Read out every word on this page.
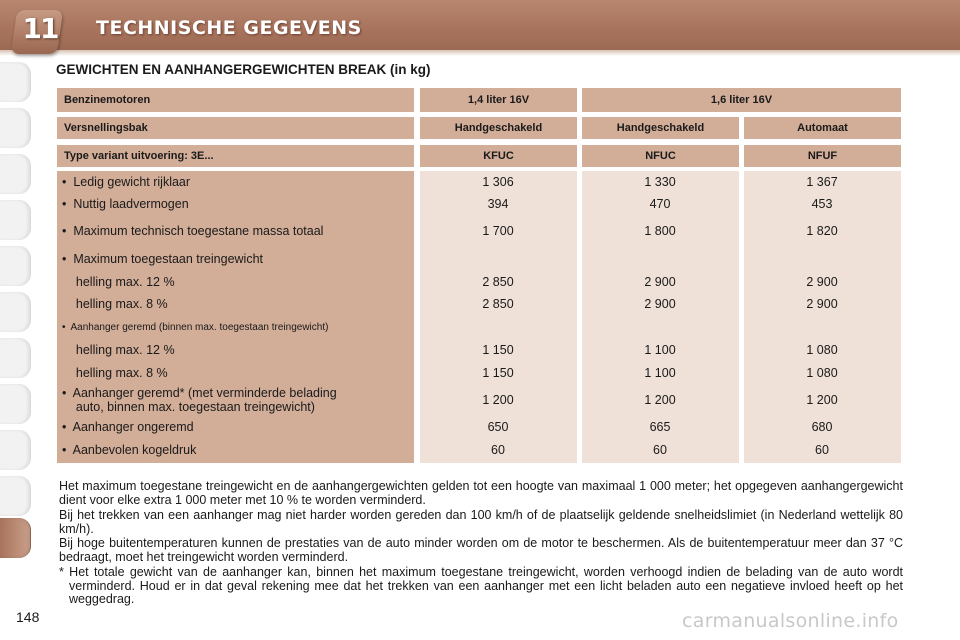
11 TECHNISCHE GEGEVENS
GEWICHTEN EN AANHANGERGEWICHTEN BREAK (in kg)
Benzinemotoren	1,4 liter 16V	1,6 liter 16V
Versnellingsbak	Handgeschakeld	Handgeschakeld	Automaat
Type variant uitvoering: 3E...	KFUC	NFUC	NFUF
•  Ledig gewicht rijklaar	1 306	1 330	1 367
•  Nuttig laadvermogen	394	470	453
•  Maximum technisch toegestane massa totaal	1 700	1 800	1 820
•  Maximum toegestaan treingewicht
helling max. 12 %	2 850	2 900	2 900
helling max. 8 %	2 850	2 900	2 900
•  Aanhanger geremd (binnen max. toegestaan treingewicht)
helling max. 12 %	1 150	1 100	1 080
helling max. 8 %	1 150	1 100	1 080
•  Aanhanger geremd* (met verminderde belading
auto, binnen max. toegestaan treingewicht)	1 200	1 200	1 200
•  Aanhanger ongeremd	650	665	680
•  Aanbevolen kogeldruk	60	60	60
Het maximum toegestane treingewicht en de aanhangergewichten gelden tot een hoogte van maximaal 1 000 meter; het opgegeven aanhangergewicht dient voor elke extra 1 000 meter met 10 % te worden verminderd.
Bij het trekken van een aanhanger mag niet harder worden gereden dan 100 km/h of de plaatselijk geldende snelheidslimiet (in Nederland wettelijk 80 km/h).
Bij hoge buitentemperaturen kunnen de prestaties van de auto minder worden om de motor te beschermen. Als de buitentemperatuur meer dan 37 °C bedraagt, moet het treingewicht worden verminderd.
* Het totale gewicht van de aanhanger kan, binnen het maximum toegestane treingewicht, worden verhoogd indien de belading van de auto wordt verminderd. Houd er in dat geval rekening mee dat het trekken van een aanhanger met een licht beladen auto een negatieve invloed heeft op het weggedrag.
148	carmanualsonline.info
